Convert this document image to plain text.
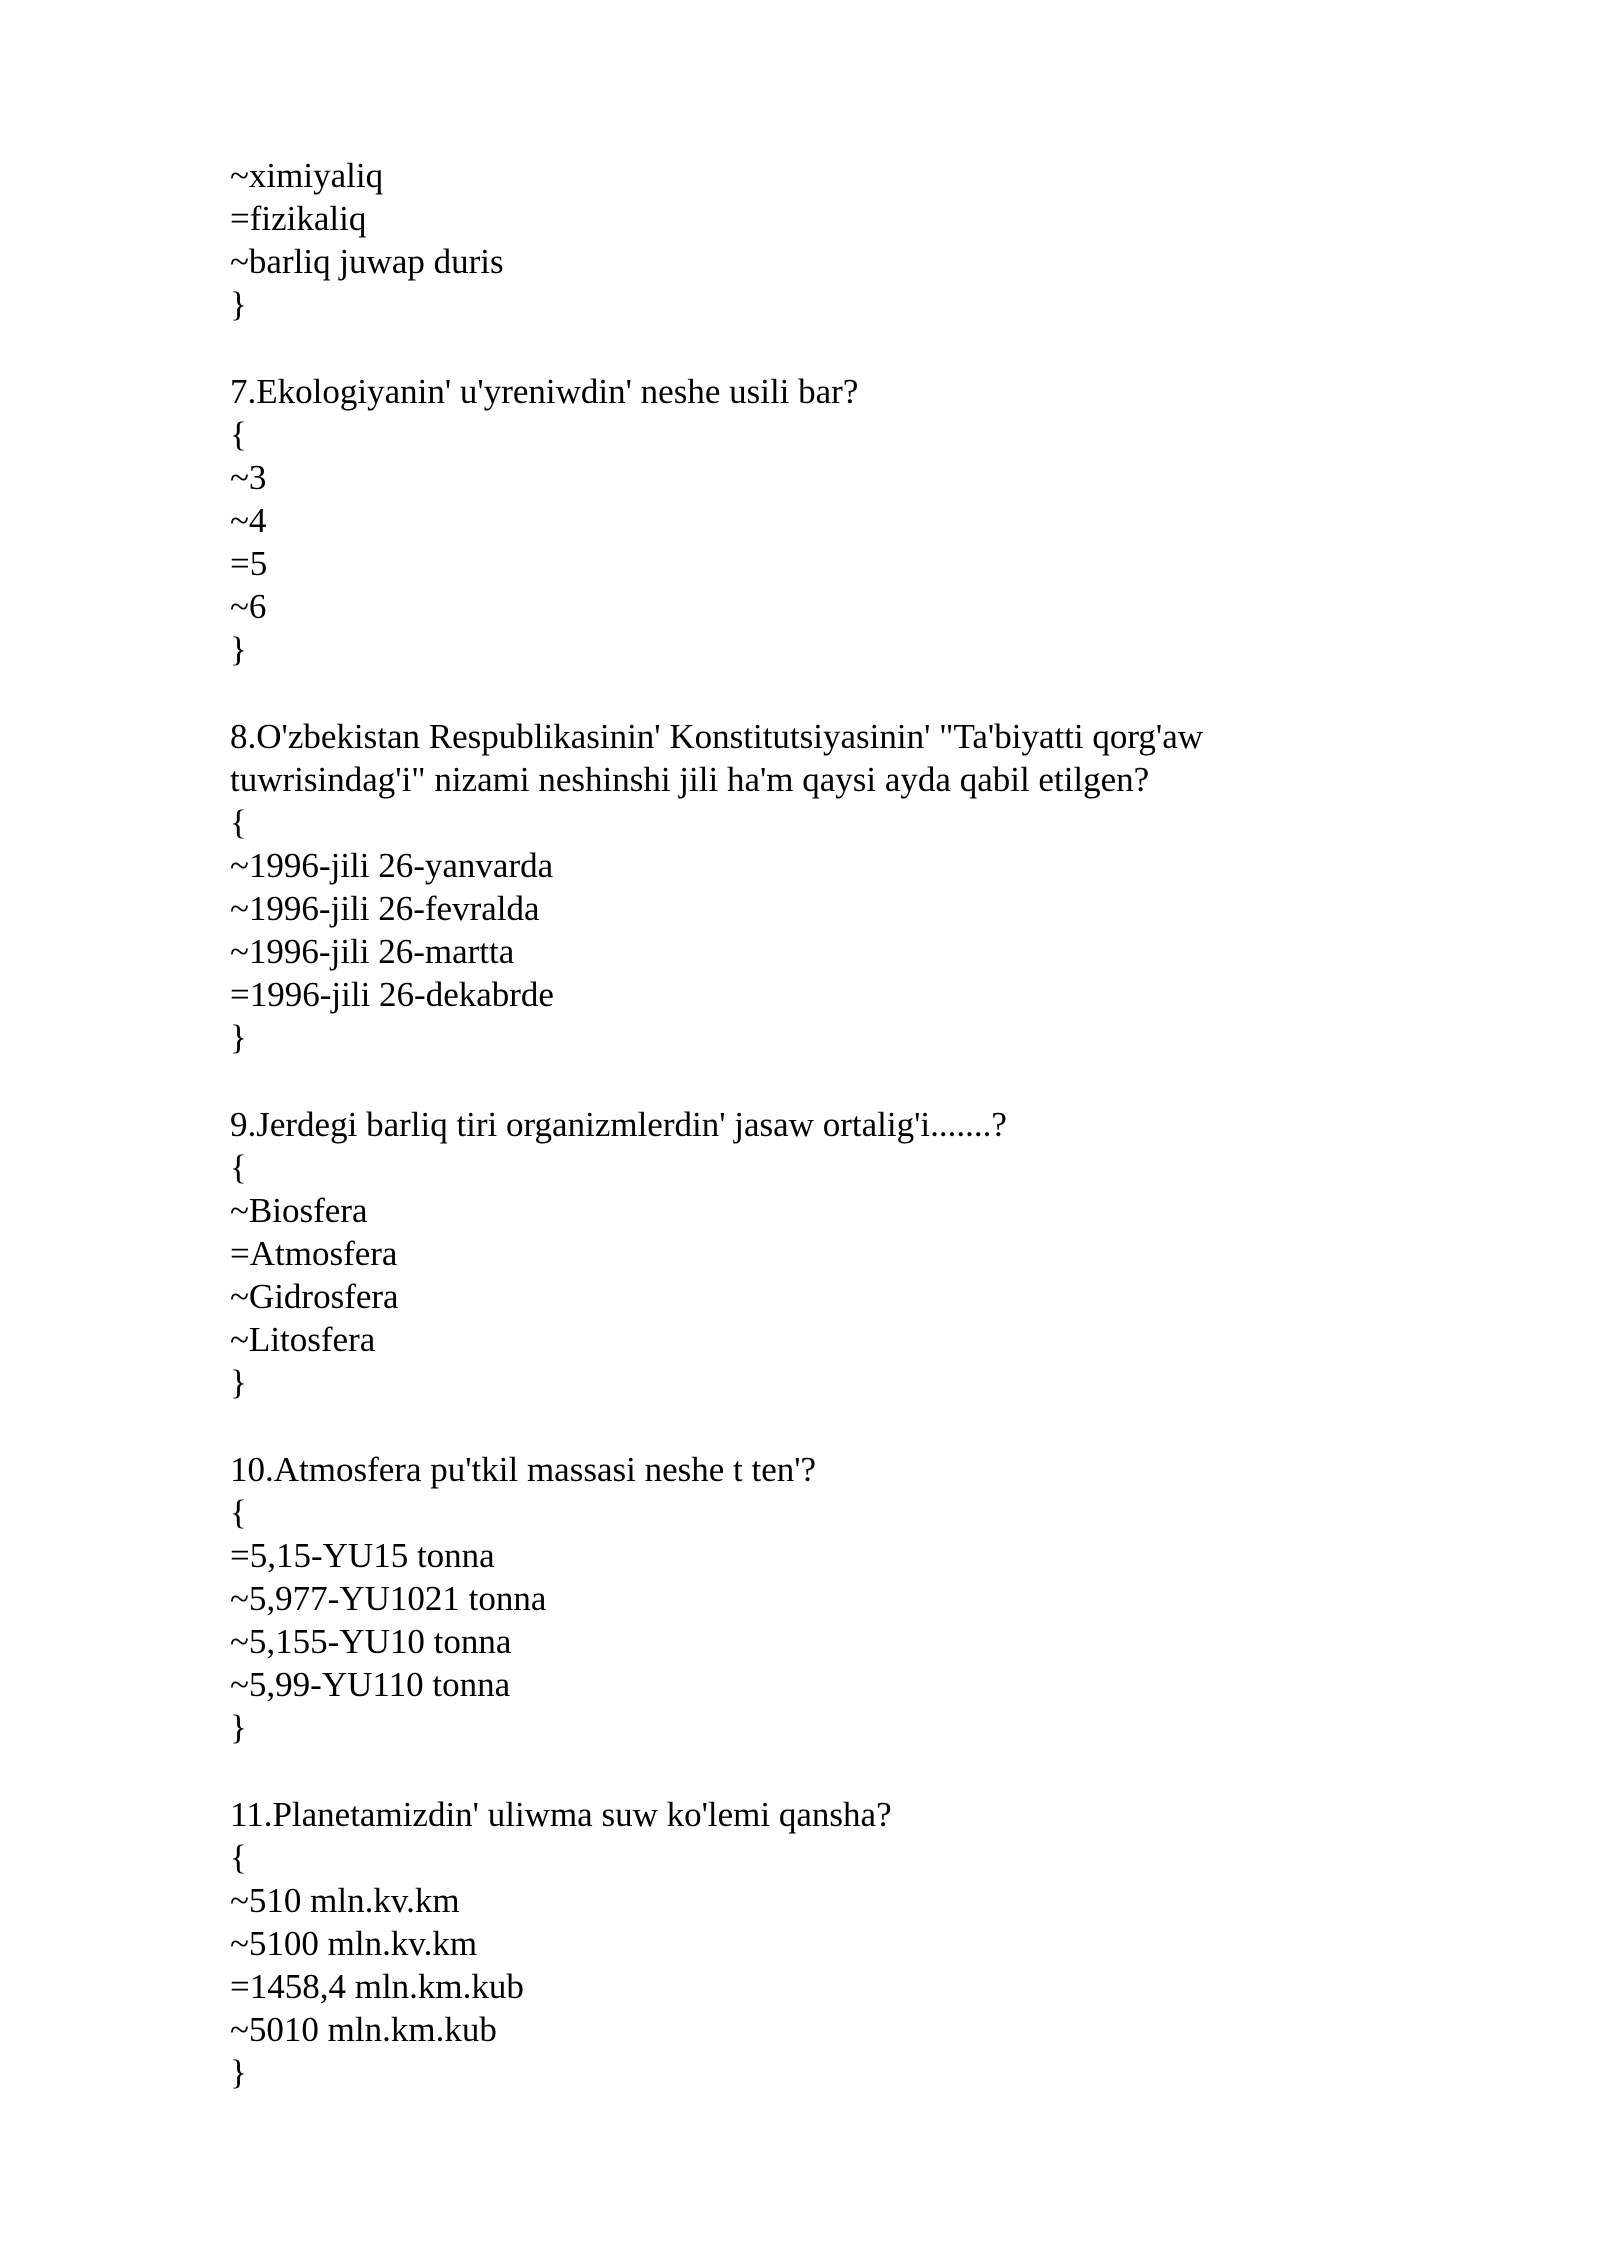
~ximiyaliq
=fizikaliq
~barliq juwap duris
}
7.Ekologiyanin' u'yreniwdin' neshe usili bar?
{
~3
~4
=5
~6
}
8.O'zbekistan Respublikasinin' Konstitutsiyasinin' "Ta'biyatti qorg'aw
tuwrisindag'i" nizami neshinshi jili ha'm qaysi ayda qabil etilgen?
{
~1996-jili 26-yanvarda
~1996-jili 26-fevralda
~1996-jili 26-martta
=1996-jili 26-dekabrde
}
9.Jerdegi barliq tiri organizmlerdin' jasaw ortalig'i.......?
{
~Biosfera
=Atmosfera
~Gidrosfera
~Litosfera
}
10.Atmosfera pu'tkil massasi neshe t ten'?
{
=5,15-YU15 tonna
~5,977-YU1021 tonna
~5,155-YU10 tonna
~5,99-YU110 tonna
}
11.Planetamizdin' uliwma suw ko'lemi qansha?
{
~510 mln.kv.km
~5100 mln.kv.km
=1458,4 mln.km.kub
~5010 mln.km.kub
}
